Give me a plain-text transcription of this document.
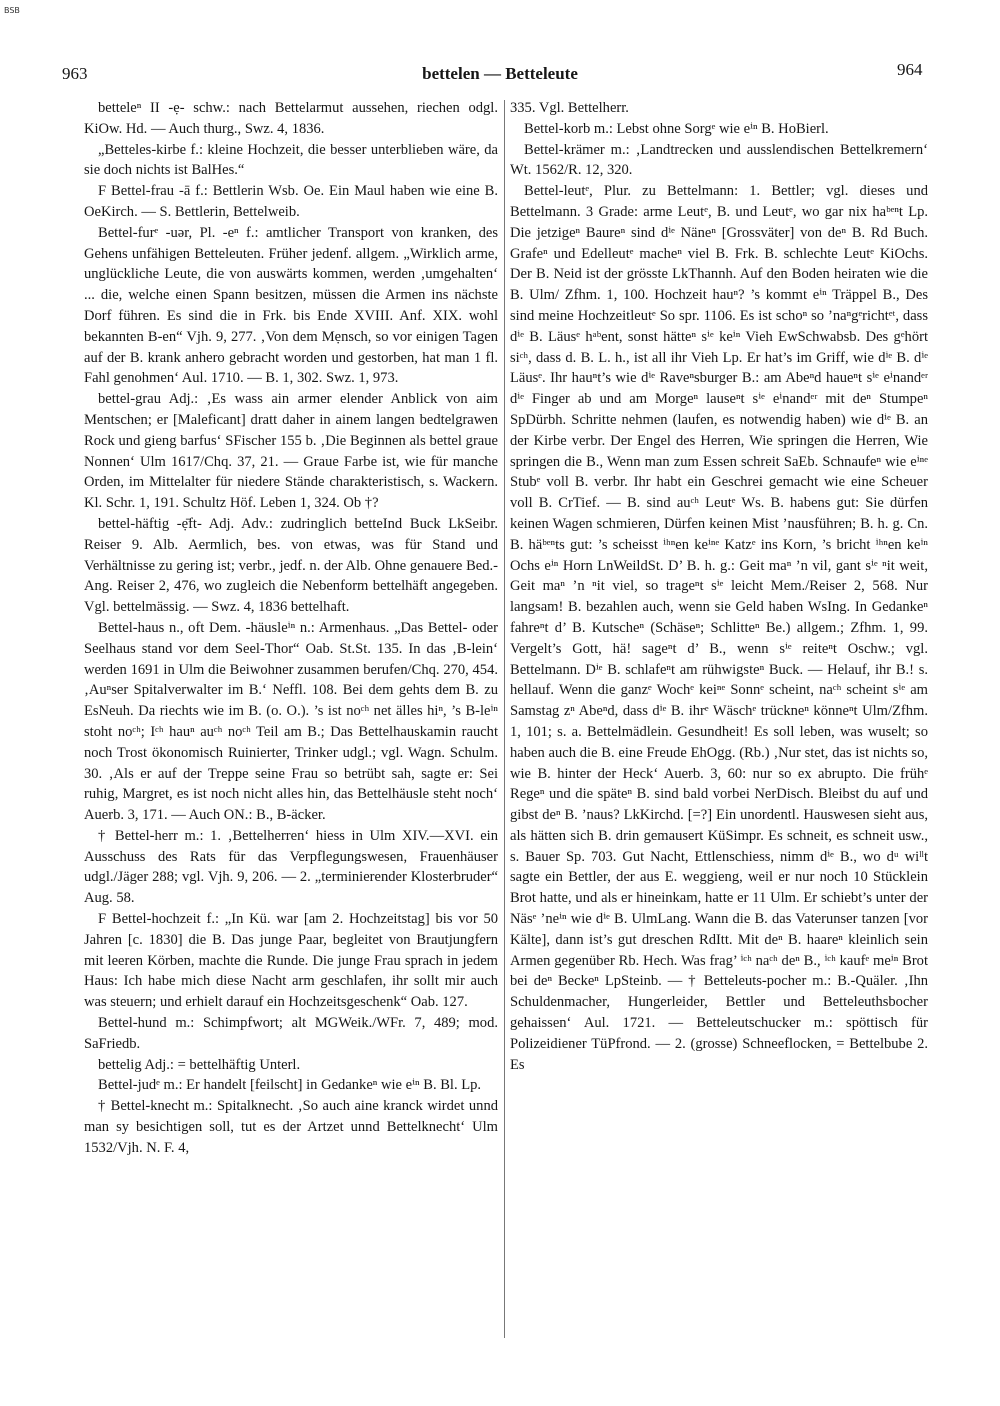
BSB
963	bettelen — Betteleute	964

betteleⁿ II -ẹ- schw.: nach Bettelarmut aussehen, riechen odgl. KiOw. Hd. — Auch thurg., Swz. 4, 1836.

„Betteles-kirbe f.: kleine Hochzeit, die besser unterblieben wäre, da sie doch nichts ist BalHes.“

F Bettel-frau -ā f.: Bettlerin Wsb. Oe. Ein Maul haben wie eine B. OeKirch. — S. Bettlerin, Bettelweib.

Bettel-furᵉ -uər, Pl. -eⁿ f.: amtlicher Transport von kranken, des Gehens unfähigen Betteleuten. Früher jedenf. allgem. „Wirklich arme, unglückliche Leute, die von auswärts kommen, werden ‚umgehalten‘ ... die, welche einen Spann besitzen, müssen die Armen ins nächste Dorf führen. Es sind die in Frk. bis Ende XVIII. Anf. XIX. wohl bekannten B-en“ Vjh. 9, 277. ‚Von dem Mẹnsch, so vor einigen Tagen auf der B. krank anhero gebracht worden und gestorben, hat man 1 fl. Fahl genohmen‘ Aul. 1710. — B. 1, 302. Swz. 1, 973.

bettel-grau Adj.: ‚Es wass ain armer elender Anblick von aim Mentschen; er [Maleficant] dratt daher in ainem langen bedtelgrawen Rock und gieng barfus‘ SFischer 155 b. ‚Die Beginnen als bettel graue Nonnen‘ Ulm 1617/Chq. 37, 21. — Graue Farbe ist, wie für manche Orden, im Mittelalter für niedere Stände charakteristisch, s. Wackern. Kl. Schr. 1, 191. Schultz Höf. Leben 1, 324. Ob †?

bettel-häftig -ẹ̄ft- Adj. Adv.: zudringlich betteInd Buck LkSeibr. Reiser 9. Alb. Aermlich, bes. von etwas, was für Stand und Verhältnisse zu gering ist; verbr., jedf. n. der Alb. Ohne genauere Bed.-Ang. Reiser 2, 476, wo zugleich die Nebenform bettelhäft angegeben. Vgl. bettelmässig. — Swz. 4, 1836 bettelhaft.

Bettel-haus n., oft Dem. -häusleⁱⁿ n.: Armenhaus. „Das Bettel- oder Seelhaus stand vor dem Seel-Thor“ Oab. St.St. 135. In das ‚B-lein‘ werden 1691 in Ulm die Beiwohner zusammen berufen/Chq. 270, 454. ‚Auⁿser Spitalverwalter im B.‘ Neffl. 108. Bei dem gehts dem B. zu EsNeuh. Da riechts wie im B. (o. O.). ’s ist noᶜʰ net älles hiⁿ, ’s B-leⁱⁿ stoht noᶜʰ; Iᶜʰ hauⁿ auᶜʰ noᶜʰ Teil am B.; Das Bettelhauskamin raucht noch Trost ökonomisch Ruinierter, Trinker udgl.; vgl. Wagn. Schulm. 30. ‚Als er auf der Treppe seine Frau so betrübt sah, sagte er: Sei ruhig, Margret, es ist noch nicht alles hin, das Bettelhäusle steht noch‘ Auerb. 3, 171. — Auch ON.: B., B-äcker.

† Bettel-herr m.: 1. ‚Bettelherren‘ hiess in Ulm XIV.—XVI. ein Ausschuss des Rats für das Verpflegungswesen, Frauenhäuser udgl./Jäger 288; vgl. Vjh. 9, 206. — 2. „terminierender Klosterbruder“ Aug. 58.

F Bettel-hochzeit f.: „In Kü. war [am 2. Hochzeitstag] bis vor 50 Jahren [c. 1830] die B. Das junge Paar, begleitet von Brautjungfern mit leeren Körben, machte die Runde. Die junge Frau sprach in jedem Haus: Ich habe mich diese Nacht arm geschlafen, ihr sollt mir auch was steuern; und erhielt darauf ein Hochzeitsgeschenk“ Oab. 127.

Bettel-hund m.: Schimpfwort; alt MGWeik./WFr. 7, 489; mod. SaFriedb.

bettelig Adj.: = bettelhäftig Unterl.

Bettel-judᵉ m.: Er handelt [feilscht] in Gedankeⁿ wie eⁱⁿ B. Bl. Lp.

† Bettel-knecht m.: Spitalknecht. ‚So auch aine kranck wirdet unnd man sy besichtigen soll, tut es der Artzet unnd Bettelknecht‘ Ulm 1532/Vjh. N. F. 4,

335. Vgl. Bettelherr.

Bettel-korb m.: Lebst ohne Sorgᵉ wie eⁱⁿ B. HoBierl.

Bettel-krämer m.: ‚Landtrecken und ausslendischen Bettelkremern‘ Wt. 1562/R. 12, 320.

Bettel-leutᵉ, Plur. zu Bettelmann: 1. Bettler; vgl. dieses und Bettelmann. 3 Grade: arme Leutᵉ, B. und Leutᵉ, wo gar nix haᵇᵉⁿt Lp. Die jetzigeⁿ Baureⁿ sind dⁱᵉ Näneⁿ [Grossväter] von deⁿ B. Rd Buch. Grafeⁿ und Edelleutᵉ macheⁿ viel B. Frk. B. schlechte Leutᵉ KiOchs. Der B. Neid ist der grösste LkThannh. Auf den Boden heiraten wie die B. Ulm/ Zfhm. 1, 100. Hochzeit hauⁿ? ’s kommt eⁱⁿ Träppel B., Des sind meine Hochzeitleutᵉ So spr. 1106. Es ist schoⁿ so ’naⁿgᵉrichtᵉᵗ, dass dⁱᵉ B. Läusᵉ hᵃᵇent, sonst hätteⁿ sⁱᵉ keⁱⁿ Vieh EwSchwabsb. Des gᵉhört siᶜʰ, dass d. B. L. h., ist all ihr Vieh Lp. Er hat’s im Griff, wie dⁱᵉ B. dⁱᵉ Läusᵉ. Ihr hauⁿt’s wie dⁱᵉ Raveⁿsburger B.: am Abeⁿd haueⁿt sⁱᵉ eⁱnandᵉʳ dⁱᵉ Finger ab und am Morgeⁿ lauseⁿt sⁱᵉ eⁱnandᵉʳ mit deⁿ Stumpeⁿ SpDürbh. Schritte nehmen (laufen, es notwendig haben) wie dⁱᵉ B. an der Kirbe verbr. Der Engel des Herren, Wie springen die Herren, Wie springen die B., Wenn man zum Essen schreit SaEb. Schnaufeⁿ wie eⁱⁿᵉ Stubᵉ voll B. verbr. Ihr habt ein Geschrei gemacht wie eine Scheuer voll B. CrTief. — B. sind auᶜʰ Leutᵉ Ws. B. habens gut: Sie dürfen keinen Wagen schmieren, Dürfen keinen Mist ’nausführen; B. h. g. Cn. B. häᵇᵉⁿts gut: ’s scheisst ⁱʰⁿen keⁱⁿᵉ Katzᵉ ins Korn, ’s bricht ⁱʰⁿen keⁱⁿ Ochs eⁱⁿ Horn LnWeildSt. D’ B. h. g.: Geit maⁿ ’n vil, gant sⁱᵉ ⁿit weit, Geit maⁿ ’n ⁿit viel, so trageⁿt sⁱᵉ leicht Mem./Reiser 2, 568. Nur langsam! B. bezahlen auch, wenn sie Geld haben WsIng. In Gedankeⁿ fahreⁿt d’ B. Kutscheⁿ (Schäseⁿ; Schlitteⁿ Be.) allgem.; Zfhm. 1, 99. Vergelt’s Gott, hä! sageⁿt d’ B., wenn sⁱᵉ reiteⁿt Oschw.; vgl. Bettelmann. Dⁱᵉ B. schlafeⁿt am rühwigsteⁿ Buck. — Helauf, ihr B.! s. hellauf. Wenn die ganzᵉ Wochᵉ keiⁿᵉ Sonnᵉ scheint, naᶜʰ scheint sⁱᵉ am Samstag zⁿ Abeⁿd, dass dⁱᵉ B. ihrᵉ Wäschᵉ trückneⁿ könneⁿt Ulm/Zfhm. 1, 101; s. a. Bettelmädlein. Gesundheit! Es soll leben, was wuselt; so haben auch die B. eine Freude EhOgg. (Rb.) ‚Nur stet, das ist nichts so, wie B. hinter der Heck‘ Auerb. 3, 60: nur so ex abrupto. Die frühᵉ Regeⁿ und die späteⁿ B. sind bald vorbei NerDisch. Bleibst du auf und gibst deⁿ B. ’naus? LkKirchd. [=?] Ein unordentl. Hauswesen sieht aus, als hätten sich B. drin gemausert KüSimpr. Es schneit, es schneit usw., s. Bauer Sp. 703. Gut Nacht, Ettlenschiess, nimm dⁱᵉ B., wo dᵘ wiˡˡt sagte ein Bettler, der aus E. weggieng, weil er nur noch 10 Stücklein Brot hatte, und als er hineinkam, hatte er 11 Ulm. Er schiebt’s unter der Näsᵉ ’neⁱⁿ wie dⁱᵉ B. UlmLang. Wann die B. das Vaterunser tanzen [vor Kälte], dann ist’s gut dreschen RdItt. Mit deⁿ B. haareⁿ kleinlich sein Armen gegenüber Rb. Hech. Was frag’ ⁱᶜʰ naᶜʰ deⁿ B., ⁱᶜʰ kaufᵉ meⁱⁿ Brot bei deⁿ Beckeⁿ LpSteinb. — † Betteleuts-pocher m.: B.-Quäler. ‚Ihn Schuldenmacher, Hungerleider, Bettler und Betteleuthsbocher gehaissen‘ Aul. 1721. — Betteleutschucker m.: spöttisch für Polizeidiener TüPfrond. — 2. (grosse) Schneeflocken, = Bettelbube 2. Es
